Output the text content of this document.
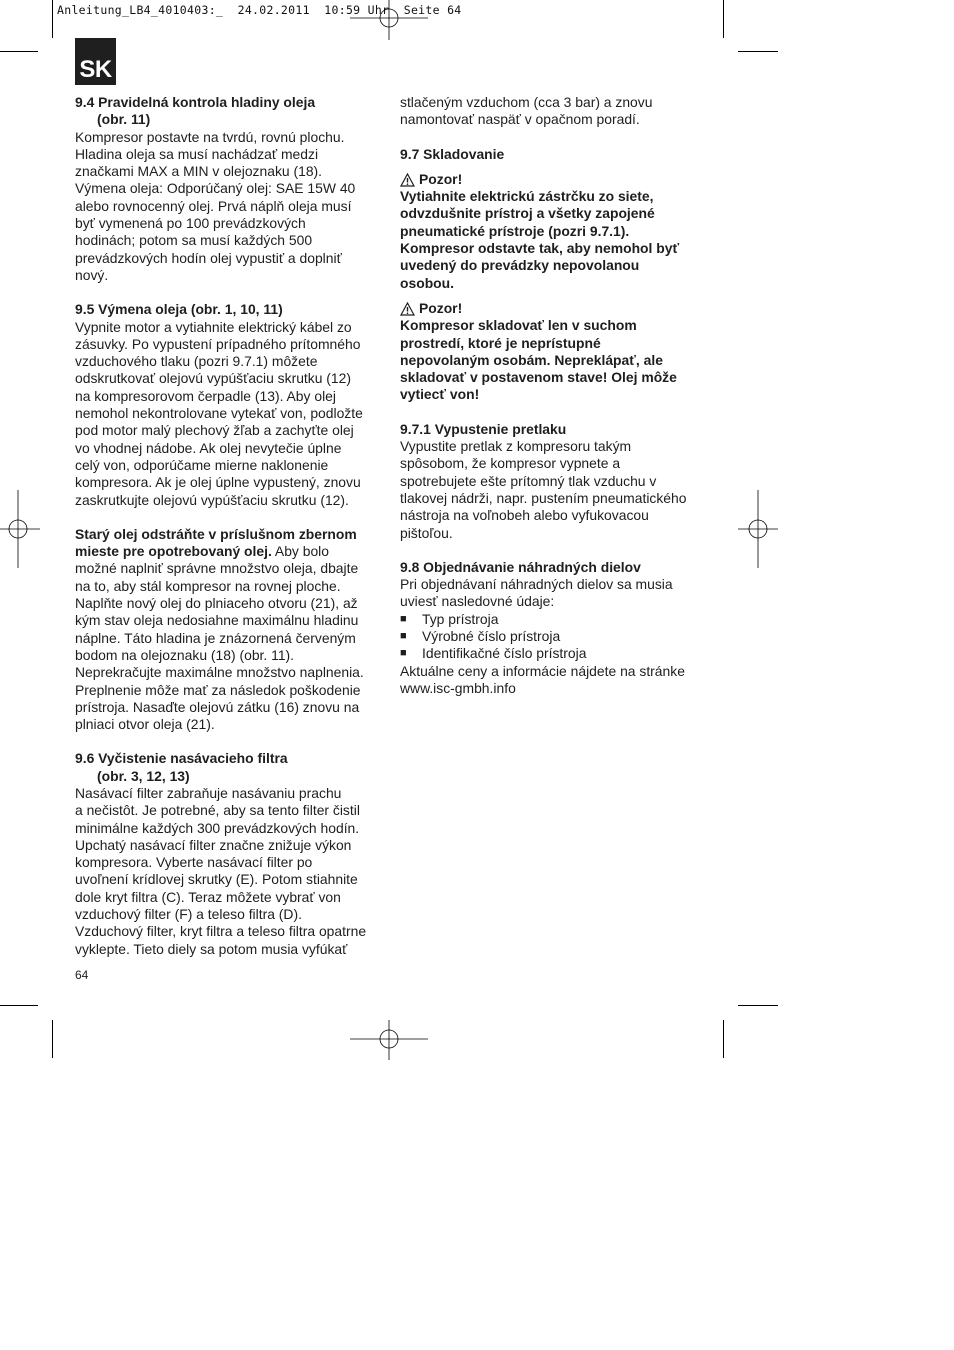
Anleitung_LB4_4010403:_  24.02.2011  10:59 Uhr  Seite 64
SK

9.4 Pravidelná kontrola hladiny oleja

(obr. 11)

Kompresor postavte na tvrdú, rovnú plochu.

Hladina oleja sa musí nachádzať medzi

značkami MAX a MIN v olejoznaku (18).

Výmena oleja: Odporúčaný olej: SAE 15W 40

alebo rovnocenný olej. Prvá náplň oleja musí

byť vymenená po 100 prevádzkových

hodinách; potom sa musí každých 500

prevádzkových hodín olej vypustiť a doplniť

nový.

9.5 Výmena oleja (obr. 1, 10, 11)

Vypnite motor a vytiahnite elektrický kábel zo

zásuvky. Po vypustení prípadného prítomného

vzduchového tlaku (pozri 9.7.1) môžete

odskrutkovať olejovú vypúšťaciu skrutku (12)

na kompresorovom čerpadle (13). Aby olej

nemohol nekontrolovane vytekať von, podložte

pod motor malý plechový žľab a zachyťte olej

vo vhodnej nádobe. Ak olej nevytečie úplne

celý von, odporúčame mierne naklonenie

kompresora. Ak je olej úplne vypustený, znovu

zaskrutkujte olejovú vypúšťaciu skrutku (12).

Starý olej odstráňte v príslušnom zbernom

mieste pre opotrebovaný olej. Aby bolo

možné naplniť správne množstvo oleja, dbajte

na to, aby stál kompresor na rovnej ploche.

Naplňte nový olej do plniaceho otvoru (21), až

kým stav oleja nedosiahne maximálnu hladinu

náplne. Táto hladina je znázornená červeným

bodom na olejoznaku (18) (obr. 11).

Neprekračujte maximálne množstvo naplnenia.

Preplnenie môže mať za následok poškodenie

prístroja. Nasaďte olejovú zátku (16) znovu na

plniaci otvor oleja (21).

9.6 Vyčistenie nasávacieho filtra

(obr. 3, 12, 13)

Nasávací filter zabraňuje nasávaniu prachu

a nečistôt. Je potrebné, aby sa tento filter čistil

minimálne každých 300 prevádzkových hodín.

Upchatý nasávací filter značne znižuje výkon

kompresora. Vyberte nasávací filter po

uvoľnení krídlovej skrutky (E). Potom stiahnite

dole kryt filtra (C). Teraz môžete vybrať von

vzduchový filter (F) a teleso filtra (D).

Vzduchový filter, kryt filtra a teleso filtra opatrne

vyklepte. Tieto diely sa potom musia vyfúkať

stlačeným vzduchom (cca 3 bar) a znovu

namontovať naspäť v opačnom poradí.

9.7 Skladovanie

Pozor!

Vytiahnite elektrickú zástrčku zo siete,

odvzdušnite prístroj a všetky zapojené

pneumatické prístroje (pozri 9.7.1).

Kompresor odstavte tak, aby nemohol byť

uvedený do prevádzky nepovolanou

osobou.

Pozor!

Kompresor skladovať len v suchom

prostredí, ktoré je neprístupné

nepovolaným osobám. Nepreklápať, ale

skladovať v postavenom stave! Olej môže

vytiecť von!

9.7.1 Vypustenie pretlaku

Vypustite pretlak z kompresoru takým

spôsobom, že kompresor vypnete a

spotrebujete ešte prítomný tlak vzduchu v

tlakovej nádrži, napr. pustením pneumatického

nástroja na voľnobeh alebo vyfukovacou

pištoľou.

9.8 Objednávanie náhradných dielov

Pri objednávaní náhradných dielov sa musia

uviesť nasledovné údaje:

■	Typ prístroja
■	Výrobné číslo prístroja
■	Identifikačné číslo prístroja

Aktuálne ceny a informácie nájdete na stránke

www.isc-gmbh.info

64
